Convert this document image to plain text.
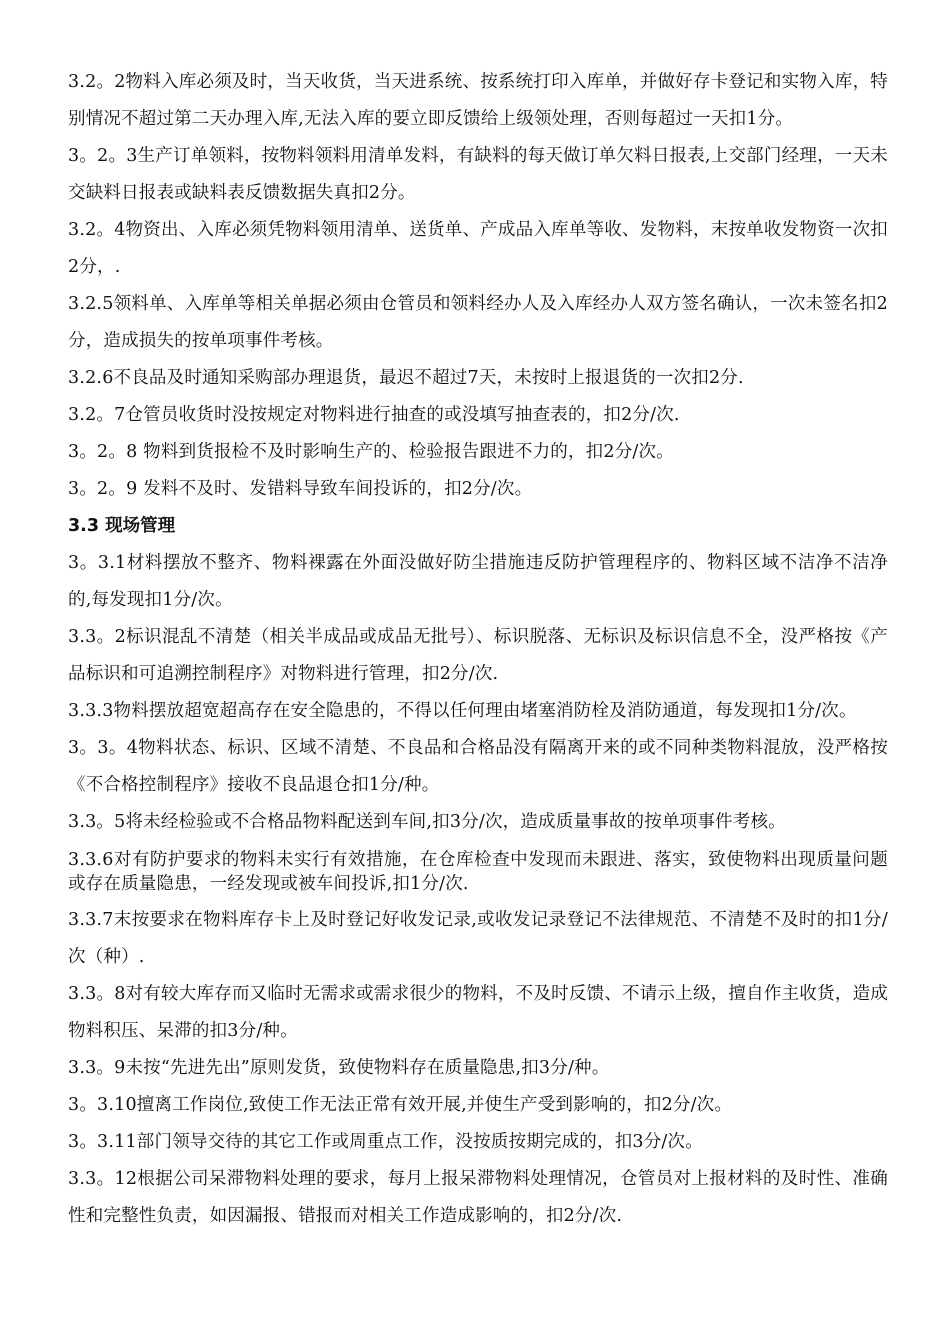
3.2。2物料入库必须及时，当天收货，当天进系统、按系统打印入库单，并做好存卡登记和实物入库，特别情况不超过第二天办理入库,无法入库的要立即反馈给上级领处理，否则每超过一天扣1分。

3。2。3生产订单领料，按物料领料用清单发料，有缺料的每天做订单欠料日报表,上交部门经理，一天未交缺料日报表或缺料表反馈数据失真扣2分。

3.2。4物资出、入库必须凭物料领用清单、送货单、产成品入库单等收、发物料，末按单收发物资一次扣2分，.

3.2.5领料单、入库单等相关单据必须由仓管员和领料经办人及入库经办人双方签名确认，一次未签名扣2分，造成损失的按单项事件考核。

3.2.6不良品及时通知采购部办理退货，最迟不超过7天，未按时上报退货的一次扣2分.

3.2。7仓管员收货时没按规定对物料进行抽查的或没填写抽查表的，扣2分/次.

3。2。8 物料到货报检不及时影响生产的、检验报告跟进不力的，扣2分/次。

3。2。9 发料不及时、发错料导致车间投诉的，扣2分/次。

3.3 现场管理

3。3.1材料摆放不整齐、物料裸露在外面没做好防尘措施违反防护管理程序的、物料区域不洁净不洁净的,每发现扣1分/次。

3.3。2标识混乱不清楚（相关半成品或成品无批号）、标识脱落、无标识及标识信息不全，没严格按《产品标识和可追溯控制程序》对物料进行管理，扣2分/次.

3.3.3物料摆放超宽超高存在安全隐患的，不得以任何理由堵塞消防栓及消防通道，每发现扣1分/次。

3。3。4物料状态、标识、区域不清楚、不良品和合格品没有隔离开来的或不同种类物料混放，没严格按《不合格控制程序》接收不良品退仓扣1分/种。

3.3。5将未经检验或不合格品物料配送到车间,扣3分/次，造成质量事故的按单项事件考核。

3.3.6对有防护要求的物料未实行有效措施，在仓库检查中发现而未跟进、落实，致使物料出现质量问题或存在质量隐患，一经发现或被车间投诉,扣1分/次.

3.3.7末按要求在物料库存卡上及时登记好收发记录,或收发记录登记不法律规范、不清楚不及时的扣1分/次（种）.

3.3。8对有较大库存而又临时无需求或需求很少的物料，不及时反馈、不请示上级，擅自作主收货，造成物料积压、呆滞的扣3分/种。

3.3。9未按“先进先出”原则发货，致使物料存在质量隐患,扣3分/种。

3。3.10擅离工作岗位,致使工作无法正常有效开展,并使生产受到影响的，扣2分/次。

3。3.11部门领导交待的其它工作或周重点工作，没按质按期完成的，扣3分/次。

3.3。12根据公司呆滞物料处理的要求，每月上报呆滞物料处理情况，仓管员对上报材料的及时性、准确性和完整性负责，如因漏报、错报而对相关工作造成影响的，扣2分/次.
